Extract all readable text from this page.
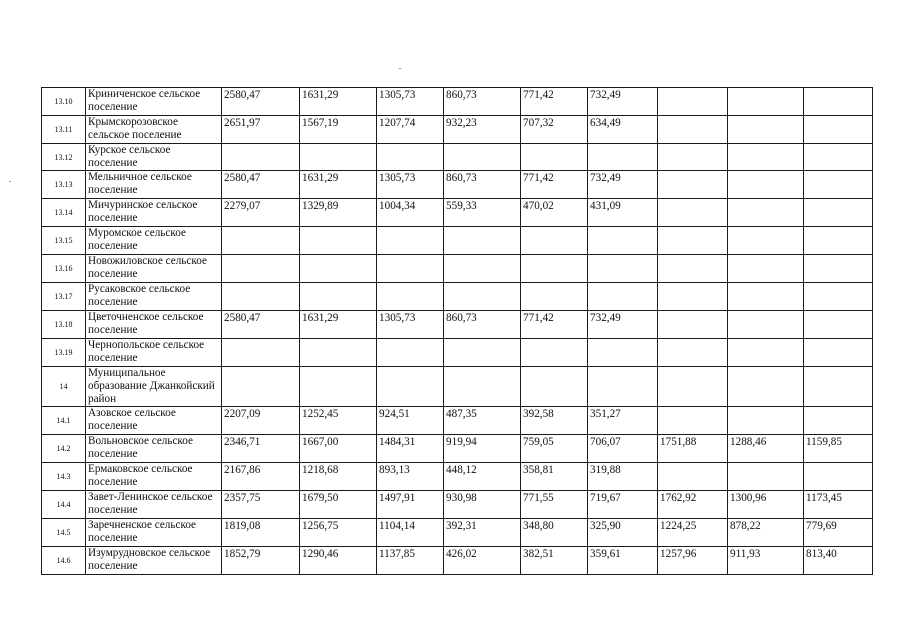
13.10	Криниченское сельское поселение	2580,47	1631,29	1305,73	860,73	771,42	732,49			
13.11	Крымскорозовское сельское поселение	2651,97	1567,19	1207,74	932,23	707,32	634,49			
13.12	Курское сельское поселение									
13.13	Мельничное сельское поселение	2580,47	1631,29	1305,73	860,73	771,42	732,49			
13.14	Мичуринское сельское поселение	2279,07	1329,89	1004,34	559,33	470,02	431,09			
13.15	Муромское сельское поселение									
13.16	Новожиловское сельское поселение									
13.17	Русаковское сельское поселение									
13.18	Цветочненское сельское поселение	2580,47	1631,29	1305,73	860,73	771,42	732,49			
13.19	Чернопольское сельское поселение									
14	Муниципальное образование Джанкойский район									
14.1	Азовское сельское поселение	2207,09	1252,45	924,51	487,35	392,58	351,27			
14.2	Вольновское сельское поселение	2346,71	1667,00	1484,31	919,94	759,05	706,07	1751,88	1288,46	1159,85
14.3	Ермаковское сельское поселение	2167,86	1218,68	893,13	448,12	358,81	319,88			
14.4	Завет-Ленинское сельское поселение	2357,75	1679,50	1497,91	930,98	771,55	719,67	1762,92	1300,96	1173,45
14.5	Заречненское сельское поселение	1819,08	1256,75	1104,14	392,31	348,80	325,90	1224,25	878,22	779,69
14.6	Изумрудновское сельское поселение	1852,79	1290,46	1137,85	426,02	382,51	359,61	1257,96	911,93	813,40
